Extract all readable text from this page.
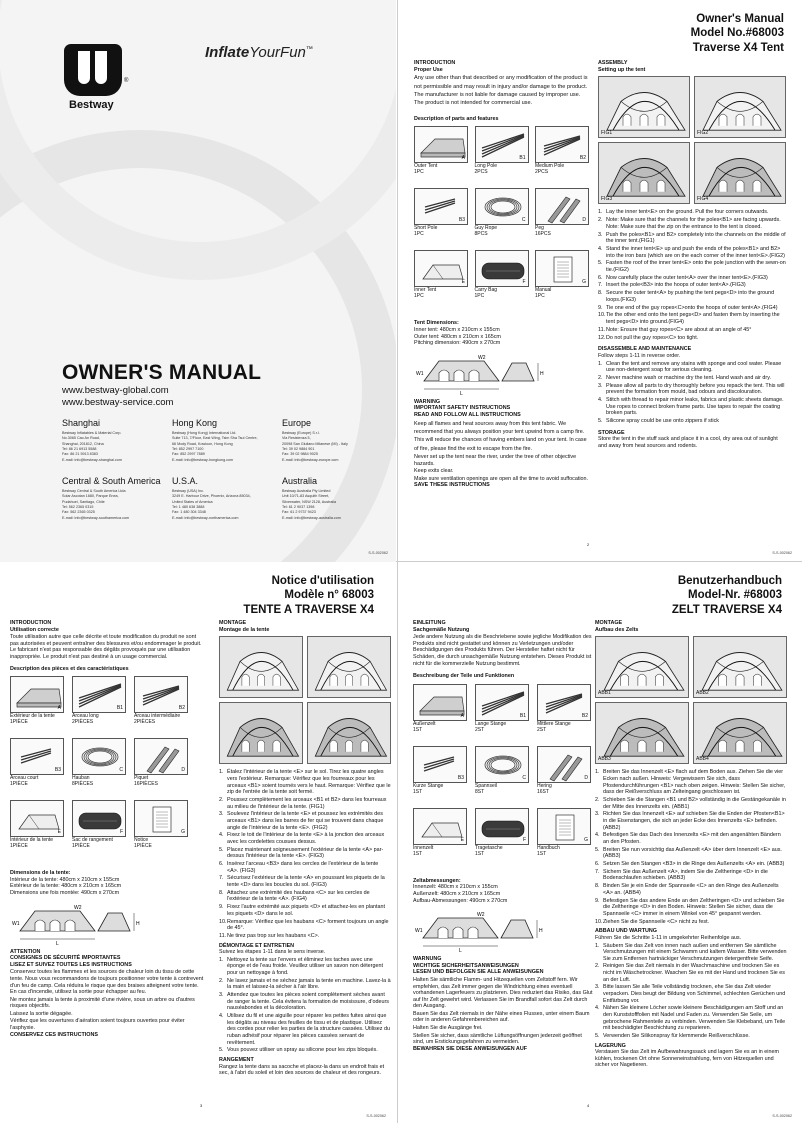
®
Bestway
InflateYourFun™
OWNER'S MANUAL
www.bestway-global.com
www.bestway-service.com
Shanghai
Bestway Inflatables & Material Corp.
No.3065 Cao An Road,
Shanghai, 201812, China
Tel: 86 21 6913 5588
Fax: 86 21 5913 8383
E-mail: info@bestway-shanghai.com
Hong Kong
Bestway (Hong Kong) International Ltd.
Suite 713, 7/Floor, East Wing, Tsim Sha Tsui Centre,
66 Mody Road, Kowloon, Hong Kong
Tel: 852 2997 7100
Fax: 852 2997 7889
E-mail: info@bestway-hongkong.com
Europe
Bestway (Europe) S.r.l.
Via Resistenza 5,
20098 San Giuliano Milanese (MI) - Italy
Tel: 39 02 9884 901
Fax: 39 02 9884 9025
E-mail: info@bestway-europe.com
Central & South America
Bestway Central & South America Ltda
Solar Ascotan 1680, Parque Enea,
Pudahuel, Santiago, Chile
Tel: 562 2365 0315
Fax: 562 2365 0325
E-mail: info@bestway-southamerica.com
U.S.A.
Bestway (USA) Inc.
3249 E. Harbour Drive, Phoenix, Arizona 85034,
United States of America
Tel: 1 480 638 3888
Fax: 1 480 304 3348
E-mail: info@bestway-northamerica.com
Australia
Bestway Australia Pty Limited
Unit 10/71-83 Asquith Street,
Silverwater, NSW 2128, Australia
Tel: 61 2 9037 1398
Fax: 61 2 9737 9423
E-mail: info@bestway-australia.com
S-S-002062
Owner's Manual
Model No.#68003
Traverse X4 Tent
INTRODUCTION
Proper Use
Any use other than that described or any modification of the product is not permissible and may result in injury and/or damage to the product. The manufacturer is not liable for damage caused by improper use. The product is not intended for commercial use.
Description of parts and features
A
Outer Tent
1PC
B1
Long Pole
2PCS
B2
Medium Pole
2PCS
B3
Short Pole
1PC
C
Guy Rope
8PCS
D
Peg
16PCS
E
Inner Tent
1PC
F
Carry Bag
1PC
G
Manual
1PC
Tent Dimensions:
Inner tent: 480cm x 210cm x 155cm
Outer tent: 480cm x 210cm x 165cm
Pitching dimension: 490cm x 270cm
W1
L
H
W2
WARNING
IMPORTANT SAFETY INSTRUCTIONS
READ AND FOLLOW ALL INSTRUCTIONS
Keep all flames and heat sources away from this tent fabric. We recommend that you always position your tent upwind from a camp fire. This will reduce the chances of having embers land on your tent. In case of fire, please find the exit to escape from the fire.
Never set up the tent near the river, under the tree of other objective hazards.
Keep exits clear.
Make sure ventilation openings are open all the time to avoid suffocation.
SAVE THESE INSTRUCTIONS
ASSEMBLY
Setting up the tent
FIG1	FIG2
FIG3	FIG4
1. Lay the inner tent<E> on the ground. Pull the four corners outwards.
2. Note: Make sure that the channels for the poles<B1> are facing upwards. Note: Make sure that the zip on the entrance to the tent is closed.
3. Push the poles<B1> and B2> completely into the channels on the middle of the inner tent.(FIG1)
4. Stand the inner tent<E> up and push the ends of the poles<B1> and B2> into the iron bars (which are on the each corner of the inner tent<E>.(FIG2)
5. Fasten the roof of the inner tent<E> onto the pole junction with the sewn-on tie.(FIG2)
6. Now carefully place the outer tent<A> over the inner tent<E>.(FIG3)
7. Insert the pole<B3> into the hoops of outer tent<A>.(FIG3)
8. Secure the outer tent<A> by pushing the tent pegs<D> into the ground loops.(FIG3)
9. Tie one end of the guy ropes<C>onto the hoops of outer tent<A>.(FIG4)
10. Tie the other end onto the tent pegs<D> and fasten them by inserting the tent pegs<D> into ground.(FIG4)
11. Note: Ensure that guy ropes<C> are about at an angle of 45°
12. Do not pull the guy ropes<C> too tight.
DISASSEMBLE AND MAINTENANCE
Follow steps 1-11 in reverse order.
1. Clean the tent and remove any stains with sponge and cool water. Please use non-detergent soap for serious cleaning.
2. Never machine wash or machine dry the tent. Hand wash and air dry.
3. Please allow all parts to dry thoroughly before you repack the tent. This will prevent the formation from mould, bad odours and discolouration.
4. Stitch with thread to repair minor leaks, fabrics and plastic sheets damage. Use ropes to connect broken frame parts. Use tapes to repair the coating broken parts.
5. Silicone spray could be use onto zippers if stick
STORAGE
Store the tent in the stuff sack and place it in a cool, dry area out of sunlight and away from heat sources and rodents.
2
S-S-002062
Notice d'utilisation
Modèle n° 68003
TENTE A TRAVERSE X4
INTRODUCTION
Utilisation correcte
Toute utilisation autre que celle décrite et toute modification du produit ne sont pas autorisées et peuvent entraîner des blessures et/ou endommager le produit. Le fabricant n'est pas responsable des dégâts provoqués par une utilisation inappropriée. Le produit n'est pas destiné à un usage commercial.
Description des pièces et des caractéristiques
A
Extérieur de la tente
1PIÈCE
B1
Arceau long
2PIÈCES
B2
Arceau intermédiaire
2PIÈCES
B3
Arceau court
1PIÈCE
C
Hauban
8PIÈCES
D
Piquet
16PIÈCES
E
Intérieur de la tente
1PIÈCE
F
Sac de rangement
1PIÈCE
G
Notice
1PIÈCE
Dimensions de la tente:
Intérieur de la tente: 480cm x 210cm x 155cm
Extérieur de la tente: 480cm x 210cm x 165cm
Dimensions une fois montée: 490cm x 270cm
W1
L
H
W2
ATTENTION
CONSIGNES DE SÉCURITÉ IMPORTANTES
LISEZ ET SUIVEZ TOUTES LES INSTRUCTIONS
Conservez toutes les flammes et les sources de chaleur loin du tissu de cette tente. Nous vous recommandons de toujours positionner votre tente à contrevent d'un feu de camp. Cela réduira le risque que des braises atteignent votre tente. En cas d'incendie, utilisez la sortie pour échapper au feu.
Ne montez jamais la tente à proximité d'une rivière, sous un arbre ou d'autres risques objectifs.
Laissez la sortie dégagée.
Vérifiez que les ouvertures d'aération soient toujours ouvertes pour éviter l'asphyxie.
CONSERVEZ CES INSTRUCTIONS
MONTAGE
Montage de la tente
1. Étalez l'intérieur de la tente <E> sur le sol. Tirez les quatre angles vers l'extérieur. Remarque: Vérifiez que les fourreaux pour les arceaux <B1> soient tournés vers le haut. Remarque: Vérifiez que le zip de l'entrée de la tente soit fermé.
2. Poussez complètement les arceaux <B1 et B2> dans les fourreaux au milieu de l'intérieur de la tente. (FIG1)
3. Soulevez l'intérieur de la tente <E> et poussez les extrémités des arceaux <B1> dans les barres de fer qui se trouvent dans chaque angle de l'intérieur de la tente <E>. (FIG2)
4. Fixez le toit de l'intérieur de la tente <E> à la jonction des arceaux avec les cordelettes cousues dessus.
5. Placez maintenant soigneusement l'extérieur de la tente <A> par-dessus l'intérieur de la tente <E>. (FIG3)
6. Insérez l'arceau <B3> dans les cercles de l'extérieur de la tente <A>. (FIG3)
7. Sécurisez l'extérieur de la tente <A> en poussant les piquets de la tente <D> dans les boucles du sol. (FIG3)
8. Attachez une extrémité des haubans <C> sur les cercles de l'extérieur de la tente <A>. (FIG4)
9. Fixez l'autre extrémité aux piquets <D> et attachez-les en plantant les piquets <D> dans le sol.
10. Remarque: Vérifiez que les haubans <C> forment toujours un angle de 45°.
11. Ne tirez pas trop sur les haubans <C>.
DÉMONTAGE ET ENTRETIEN
Suivez les étapes 1-11 dans le sens inverse.
1. Nettoyez la tente sur l'envers et éliminez les taches avec une éponge et de l'eau froide. Veuillez utiliser un savon non détergent pour un nettoyage à fond.
2. Ne lavez jamais et ne séchez jamais la tente en machine. Lavez-la à la main et laissez-la sécher à l'air libre.
3. Attendez que toutes les pièces soient complètement sèches avant de ranger la tente. Cela évitera la formation de moisissure, d'odeurs nauséabondes et la décoloration.
4. Utilisez du fil et une aiguille pour réparer les petites fuites ainsi que les dégâts au niveau des feuilles de tissu et de plastique. Utilisez des cordes pour relier les parties de la structure cassées. Utilisez du ruban adhésif pour réparer les pièces cassées servant de revêtement.
5. Vous pouvez utiliser un spray au silicone pour les zips bloqués.
RANGEMENT
Rangez la tente dans sa sacoche et placez-la dans un endroit frais et sec, à l'abri du soleil et loin des sources de chaleur et des rongeurs.
3
S-S-002062
Benutzerhandbuch
Model-Nr. #68003
ZELT TRAVERSE X4
EINLEITUNG
Sachgemäße Nutzung
Jede andere Nutzung als die Beschriebene sowie jegliche Modifikation des Produkts sind nicht gestattet und können zu Verletzungen und/oder Beschädigungen des Produkts führen. Der Hersteller haftet nicht für Schäden, die durch unsachgemäße Nutzung entstehen. Dieses Produkt ist nicht für die kommerzielle Nutzung bestimmt.
Beschreibung der Teile und Funktionen
A
Außenzelt
1ST
B1
Lange Stange
2ST
B2
Mittlere Stange
2ST
B3
Kurze Stange
1ST
C
Spannseil
8ST
D
Hering
16ST
E
Innenzelt
1ST
F
Tragetasche
1ST
G
Handbuch
1ST
Zeltabmessungen:
Innenzelt: 480cm x 210cm x 155cm
Außenzelt: 480cm x 210cm x 165cm
Aufbau-Abmessungen: 490cm x 270cm
W1
L
H
W2
WARNUNG
WICHTIGE SICHERHEITSANWEISUNGEN
LESEN UND BEFOLGEN SIE ALLE ANWEISUNGEN
Halten Sie sämtliche Flamm- und Hitzequellen vom Zeltstoff fern. Wir empfehlen, das Zelt immer gegen die Windrichtung eines eventuell vorhandenen Lagerfeuers zu platzieren. Dies reduziert das Risiko, das Glut auf Ihr Zelt gewehrt wird. Verlassen Sie im Brandfall sofort das Zelt durch den Ausgang.
Bauen Sie das Zelt niemals in der Nähe eines Flusses, unter einem Baum oder in anderen Gefahrenbereichen auf.
Halten Sie die Ausgänge frei.
Stellen Sie sicher, dass sämtliche Lüftungsöffnungen jederzeit geöffnet sind, um Erstickungsgefahren zu vermeiden.
BEWAHREN SIE DIESE ANWEISUNGEN AUF
MONTAGE
Aufbau des Zelts
ABB1	ABB2
ABB3	ABB4
1. Breiten Sie das Innenzelt <E> flach auf dem Boden aus. Ziehen Sie die vier Ecken nach außen. Hinweis: Vergewissern Sie sich, dass Pfostendurchführungen <B1> nach oben zeigen. Hinweis: Stellen Sie sicher, dass der Reißverschluss am Zelteingang geschlossen ist.
2. Schieben Sie die Stangen <B1 und B2> vollständig in die Gestängekanäle in der Mitte des Innenzelts ein. (ABB1)
3. Richten Sie das Innenzelt <E> auf schieben Sie die Enden der Pfosten<B1> in die Eisenstangen, die sich an jeder Ecke des Innenzelts <E> befinden. (ABB2)
4. Befestigen Sie das Dach des Innenzelts <E> mit den angenähten Bändern an den Pfosten.
5. Breiten Sie nun vorsichtig das Außenzelt <A> über dem Innenzelt <E> aus. (ABB3)
6. Setzen Sie den Stangen <B3> in die Ringe des Außenzelts <A> ein. (ABB3)
7. Sichern Sie das Außenzelt <A>, indem Sie die Zeltheringe <D> in die Bodenschlaufen schieben. (ABB3)
8. Binden Sie je ein Ende der Spannseile <C> an den Ringe des Außenzelts <A> an. (ABB4)
9. Befestigen Sie das andere Ende an den Zeltheringen <D> und schieben Sie die Zeltheringe <D> in den Boden. Hinweis: Stellen Sie sicher, dass die Spannseile <C> immer in einem Winkel von 45° gespannt werden.
10. Ziehen Sie die Spannseile <C> nicht zu fest.
ABBAU UND WARTUNG
Führen Sie die Schritte 1-11 in umgekehrter Reihenfolge aus.
1. Säubern Sie das Zelt von innen nach außen und entfernen Sie sämtliche Verschmutzungen mit einem Schwamm und kaltem Wasser. Bitte verwenden Sie zum Entfernen hartnäckiger Verschmutzungen detergentfreie Seife.
2. Reinigen Sie das Zelt niemals in der Waschmaschine und trocknen Sie es nicht im Wäschetrockner. Waschen Sie es mit der Hand und trocknen Sie es an der Luft.
3. Bitte lassen Sie alle Teile vollständig trocknen, ehe Sie das Zelt wieder verpacken. Dies beugt der Bildung von Schimmel, schlechten Gerüchen und Entfärbung vor.
4. Nähen Sie kleinere Löcher sowie kleinere Beschädigungen am Stoff und an den Kunststofffolien mit Nadel und Faden zu. Verwenden Sie Seile, um gebrochene Rahmenteile zu verbinden. Verwenden Sie Klebeband, um Teile mit beschädigter Beschichtung zu reparieren.
5. Verwenden Sie Silikonspray für klemmende Reißverschlüsse.
LAGERUNG
Verstauen Sie das Zelt im Aufbewahrungssack und lagern Sie es an in einem kühlen, trockenen Ort ohne Sonneneinstrahlung, fern von Hitzequellen und sicher vor Nagetieren.
4
S-S-002062
